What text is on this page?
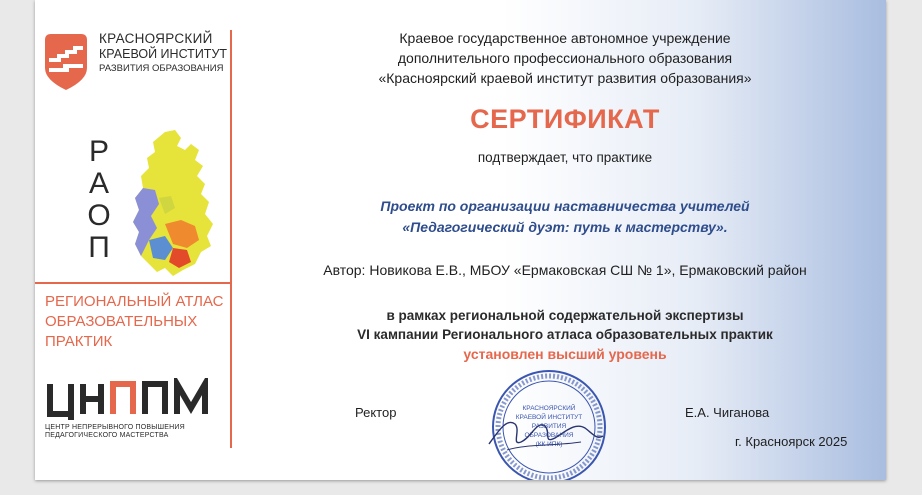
КРАСНОЯРСКИЙ
КРАЕВОЙ ИНСТИТУТ
РАЗВИТИЯ ОБРАЗОВАНИЯ
Р
А
О
П
РЕГИОНАЛЬНЫЙ АТЛАС
ОБРАЗОВАТЕЛЬНЫХ
ПРАКТИК
ЦЕНТР НЕПРЕРЫВНОГО ПОВЫШЕНИЯ
ПЕДАГОГИЧЕСКОГО МАСТЕРСТВА
Краевое государственное автономное учреждение
дополнительного профессионального образования
«Красноярский краевой институт развития образования»
СЕРТИФИКАТ
подтверждает, что практике
Проект по организации наставничества учителей
«Педагогический дуэт: путь к мастерству».
Автор: Новикова Е.В., МБОУ «Ермаковская СШ № 1», Ермаковский район
в рамках региональной содержательной экспертизы
VI кампании Регионального атласа образовательных практик
установлен высший уровень
Ректор	КРАСНОЯРСКИЙ
КРАЕВОЙ ИНСТИТУТ
РАЗВИТИЯ
ОБРАЗОВАНИЯ
(КК ИПК)
Е.А. Чиганова
г. Красноярск 2025
